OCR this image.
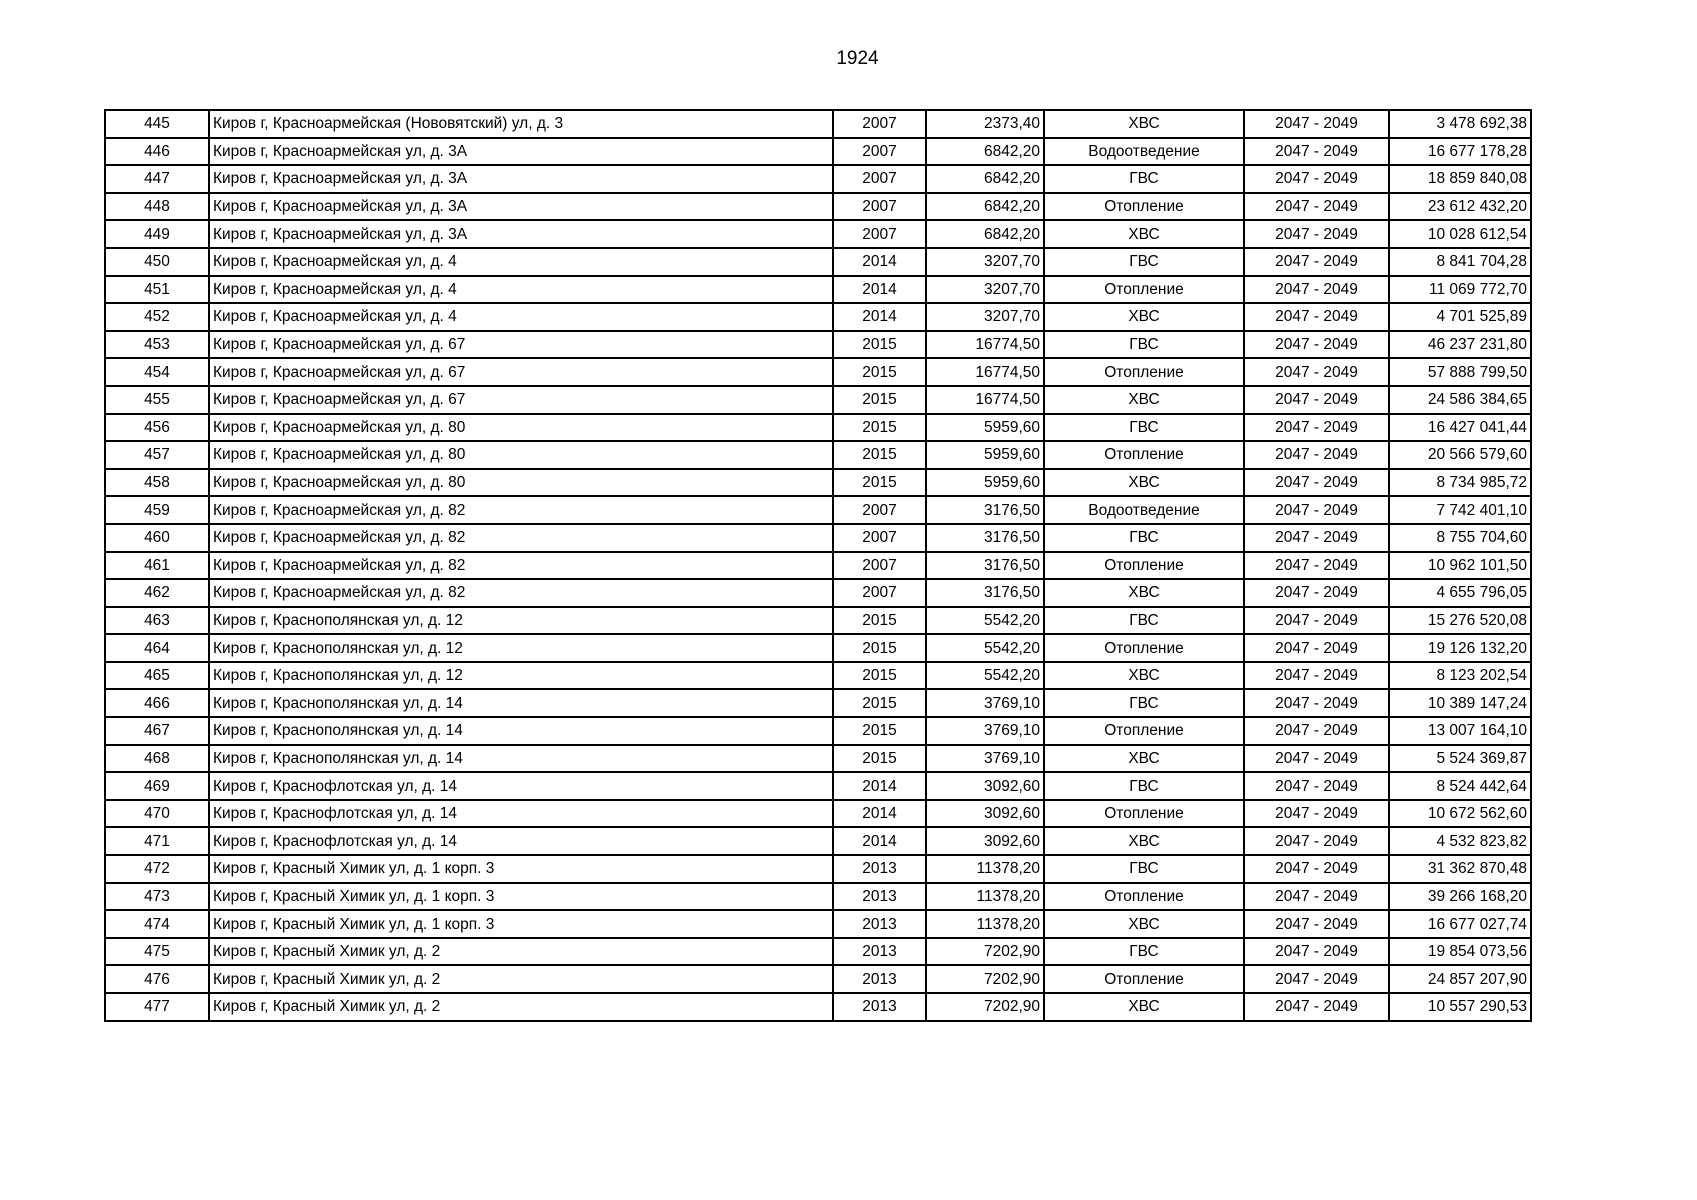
1924
445	Киров г, Красноармейская (Нововятский) ул, д. 3	2007	2373,40	ХВС	2047 - 2049	3 478 692,38
446	Киров г, Красноармейская ул, д. 3А	2007	6842,20	Водоотведение	2047 - 2049	16 677 178,28
447	Киров г, Красноармейская ул, д. 3А	2007	6842,20	ГВС	2047 - 2049	18 859 840,08
448	Киров г, Красноармейская ул, д. 3А	2007	6842,20	Отопление	2047 - 2049	23 612 432,20
449	Киров г, Красноармейская ул, д. 3А	2007	6842,20	ХВС	2047 - 2049	10 028 612,54
450	Киров г, Красноармейская ул, д. 4	2014	3207,70	ГВС	2047 - 2049	8 841 704,28
451	Киров г, Красноармейская ул, д. 4	2014	3207,70	Отопление	2047 - 2049	11 069 772,70
452	Киров г, Красноармейская ул, д. 4	2014	3207,70	ХВС	2047 - 2049	4 701 525,89
453	Киров г, Красноармейская ул, д. 67	2015	16774,50	ГВС	2047 - 2049	46 237 231,80
454	Киров г, Красноармейская ул, д. 67	2015	16774,50	Отопление	2047 - 2049	57 888 799,50
455	Киров г, Красноармейская ул, д. 67	2015	16774,50	ХВС	2047 - 2049	24 586 384,65
456	Киров г, Красноармейская ул, д. 80	2015	5959,60	ГВС	2047 - 2049	16 427 041,44
457	Киров г, Красноармейская ул, д. 80	2015	5959,60	Отопление	2047 - 2049	20 566 579,60
458	Киров г, Красноармейская ул, д. 80	2015	5959,60	ХВС	2047 - 2049	8 734 985,72
459	Киров г, Красноармейская ул, д. 82	2007	3176,50	Водоотведение	2047 - 2049	7 742 401,10
460	Киров г, Красноармейская ул, д. 82	2007	3176,50	ГВС	2047 - 2049	8 755 704,60
461	Киров г, Красноармейская ул, д. 82	2007	3176,50	Отопление	2047 - 2049	10 962 101,50
462	Киров г, Красноармейская ул, д. 82	2007	3176,50	ХВС	2047 - 2049	4 655 796,05
463	Киров г, Краснополянская ул, д. 12	2015	5542,20	ГВС	2047 - 2049	15 276 520,08
464	Киров г, Краснополянская ул, д. 12	2015	5542,20	Отопление	2047 - 2049	19 126 132,20
465	Киров г, Краснополянская ул, д. 12	2015	5542,20	ХВС	2047 - 2049	8 123 202,54
466	Киров г, Краснополянская ул, д. 14	2015	3769,10	ГВС	2047 - 2049	10 389 147,24
467	Киров г, Краснополянская ул, д. 14	2015	3769,10	Отопление	2047 - 2049	13 007 164,10
468	Киров г, Краснополянская ул, д. 14	2015	3769,10	ХВС	2047 - 2049	5 524 369,87
469	Киров г, Краснофлотская ул, д. 14	2014	3092,60	ГВС	2047 - 2049	8 524 442,64
470	Киров г, Краснофлотская ул, д. 14	2014	3092,60	Отопление	2047 - 2049	10 672 562,60
471	Киров г, Краснофлотская ул, д. 14	2014	3092,60	ХВС	2047 - 2049	4 532 823,82
472	Киров г, Красный Химик ул, д. 1 корп. 3	2013	11378,20	ГВС	2047 - 2049	31 362 870,48
473	Киров г, Красный Химик ул, д. 1 корп. 3	2013	11378,20	Отопление	2047 - 2049	39 266 168,20
474	Киров г, Красный Химик ул, д. 1 корп. 3	2013	11378,20	ХВС	2047 - 2049	16 677 027,74
475	Киров г, Красный Химик ул, д. 2	2013	7202,90	ГВС	2047 - 2049	19 854 073,56
476	Киров г, Красный Химик ул, д. 2	2013	7202,90	Отопление	2047 - 2049	24 857 207,90
477	Киров г, Красный Химик ул, д. 2	2013	7202,90	ХВС	2047 - 2049	10 557 290,53
